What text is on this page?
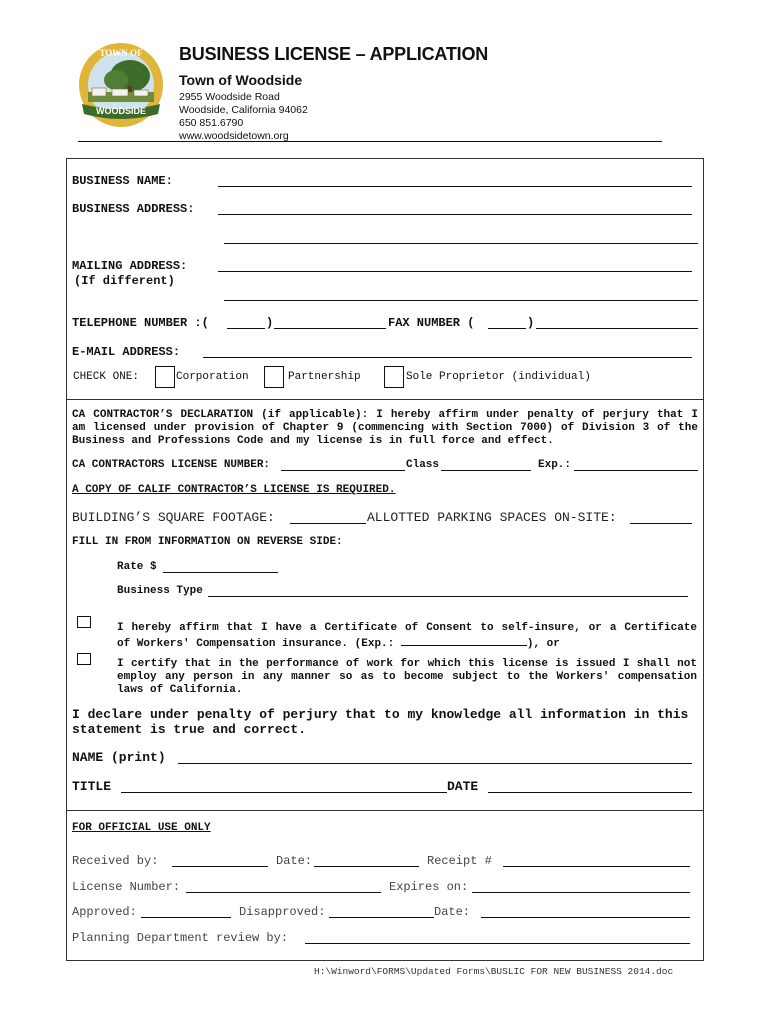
WOODSIDE
TOWN OF BUSINESS LICENSE – APPLICATION
Town of Woodside
2955 Woodside Road
Woodside, California 94062
650 851.6790
www.woodsidetown.org
BUSINESS NAME:
BUSINESS ADDRESS:
MAILING ADDRESS:
(If different)
TELEPHONE NUMBER :(	)	FAX NUMBER (	)
E-MAIL ADDRESS:
CHECK ONE:	Corporation	Partnership	Sole Proprietor (individual)
CA CONTRACTOR’S DECLARATION (if applicable): I hereby affirm under penalty of perjury that I am licensed under provision of Chapter 9 (commencing with Section 7000) of Division 3 of the Business and Professions Code and my license is in full force and effect.
CA CONTRACTORS LICENSE NUMBER:	Class	Exp.:
A COPY OF CALIF CONTRACTOR’S LICENSE IS REQUIRED.
BUILDING’S SQUARE FOOTAGE:	ALLOTTED PARKING SPACES ON-SITE:
FILL IN FROM INFORMATION ON REVERSE SIDE:
Rate $
Business Type
I hereby affirm that I have a Certificate of Consent to self-insure, or a Certificate of Workers' Compensation insurance. (Exp.:	), or
I certify that in the performance of work for which this license is issued I shall not employ any person in any manner so as to become subject to the Workers' compensation laws of California.
I declare under penalty of perjury that to my knowledge all information in this statement is true and correct.
NAME (print)
TITLE	DATE
FOR OFFICIAL USE ONLY
Received by:	Date:	Receipt #
License Number:	Expires on:
Approved:	Disapproved:	Date:
Planning Department review by:
H:\Winword\FORMS\Updated Forms\BUSLIC FOR NEW BUSINESS 2014.doc
